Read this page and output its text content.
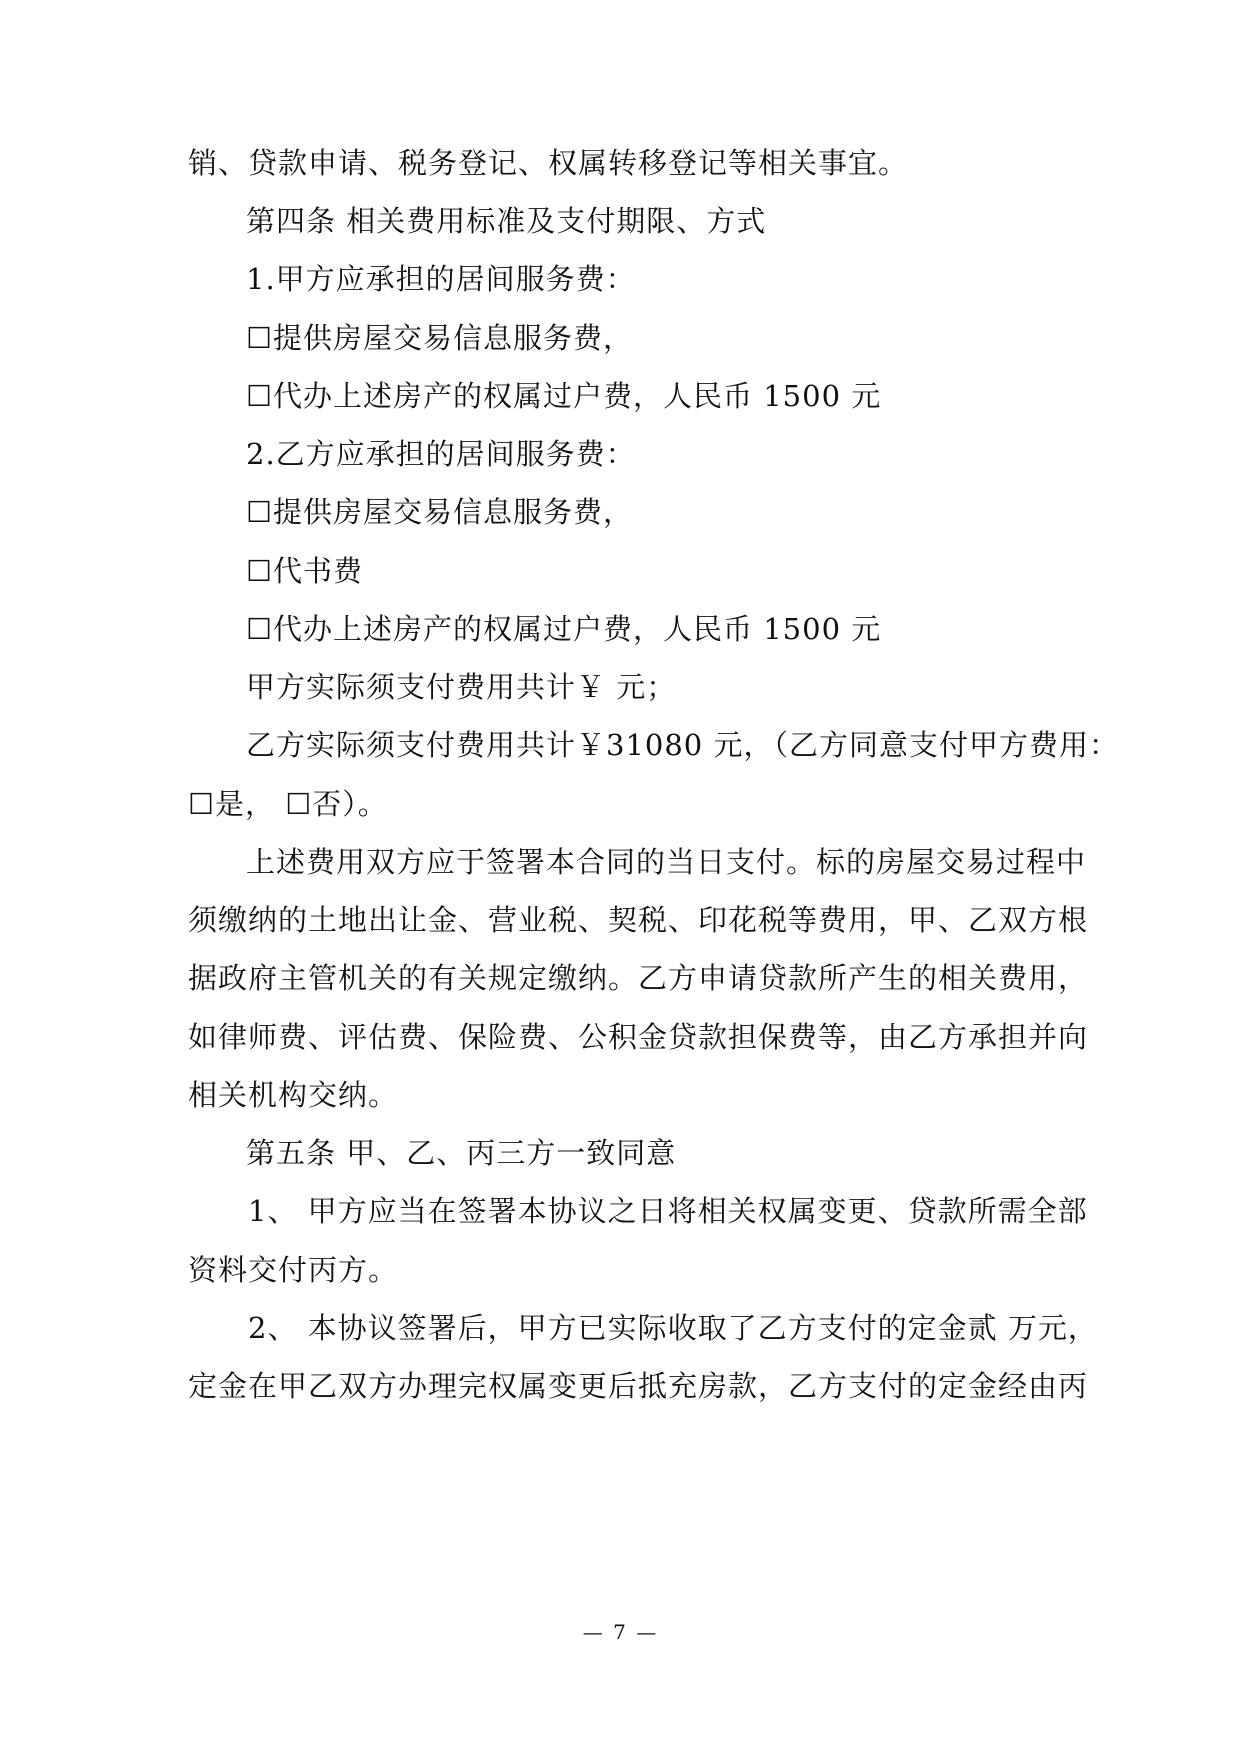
销、贷款申请、税务登记、权属转移登记等相关事宜。
第四条 相关费用标准及支付期限、方式
1.甲方应承担的居间服务费：
☐提供房屋交易信息服务费，
☐代办上述房产的权属过户费，人民币 1500 元
2.乙方应承担的居间服务费：
☐提供房屋交易信息服务费，
☐代书费
☐代办上述房产的权属过户费，人民币 1500 元
甲方实际须支付费用共计￥ 元；
乙方实际须支付费用共计￥31080 元，（乙方同意支付甲方费用：
☐是， ☐否）。
上述费用双方应于签署本合同的当日支付。标的房屋交易过程中
须缴纳的土地出让金、营业税、契税、印花税等费用，甲、乙双方根
据政府主管机关的有关规定缴纳。乙方申请贷款所产生的相关费用，
如律师费、评估费、保险费、公积金贷款担保费等，由乙方承担并向
相关机构交纳。
第五条 甲、乙、丙三方一致同意
1、 甲方应当在签署本协议之日将相关权属变更、贷款所需全部
资料交付丙方。
2、 本协议签署后，甲方已实际收取了乙方支付的定金贰 万元，
定金在甲乙双方办理完权属变更后抵充房款，乙方支付的定金经由丙
— 7 —
